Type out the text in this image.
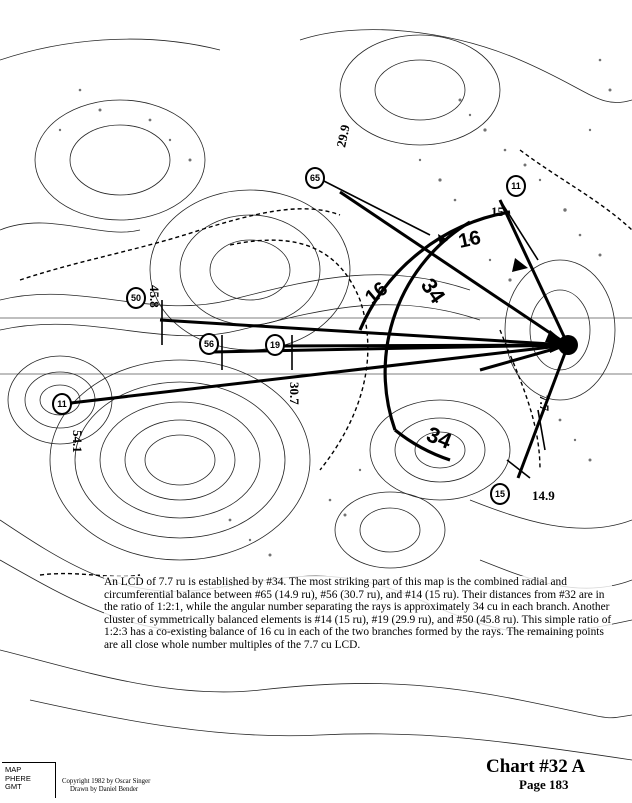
11
50
56	19
65
11
15
45.8
30.7
29.9
54.1
14.9
15
7.7
34
34
16
16

An LCD of 7.7 ru is established by #34. The most striking part of this map is the combined radial and circumferential balance between #65 (14.9 ru), #56 (30.7 ru), and #14 (15 ru). Their distances from #32 are in the ratio of 1:2:1, while the angular number separating the rays is approximately 34 cu in each branch. Another cluster of symmetrically balanced elements is #14 (15 ru), #19 (29.9 ru), and #50 (45.8 ru). This simple ratio of 1:2:3 has a co-existing balance of 16 cu in each of the two branches formed by the rays. The remaining points are all close whole number multiples of the 7.7 cu LCD.

MAP
PHERE
GMT
Copyright 1982 by Oscar Singer
Drawn by Daniel Bender
Chart #32 A
Page 183
